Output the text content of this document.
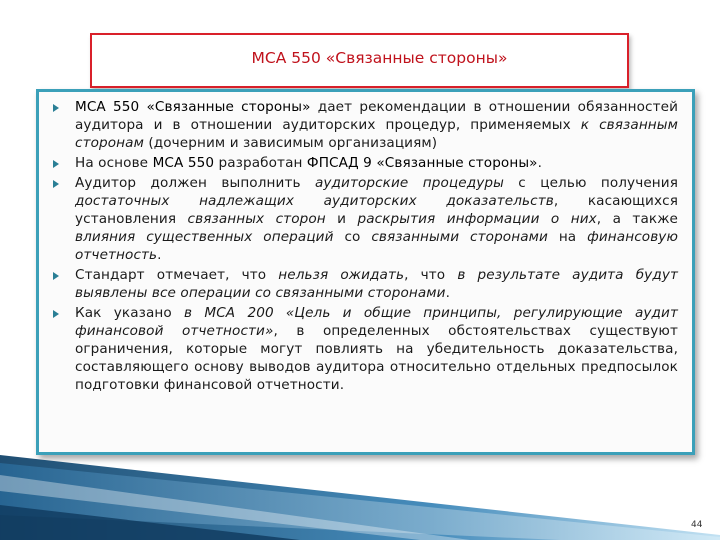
МСА 550 «Связанные стороны»
МСА 550 «Связанные стороны» дает рекомендации в отношении обязанностей аудитора и в отношении аудиторских процедур, применяемых к связанным сторонам (дочерним и зависимым организациям)
На основе МСА 550 разработан ФПСАД 9 «Связанные стороны».
Аудитор должен выполнить аудиторские процедуры с целью получения достаточных надлежащих аудиторских доказательств, касающихся установления связанных сторон и раскрытия информации о них, а также влияния существенных операций со связанными сторонами на финансовую отчетность.
Стандарт отмечает, что нельзя ожидать, что в результате аудита будут выявлены все операции со связанными сторонами.
Как указано в МСА 200 «Цель и общие принципы, регулирующие аудит финансовой отчетности», в определенных обстоятельствах существуют ограничения, которые могут повлиять на убедительность доказательства, составляющего основу выводов аудитора относительно отдельных предпосылок подготовки финансовой отчетности.
44
